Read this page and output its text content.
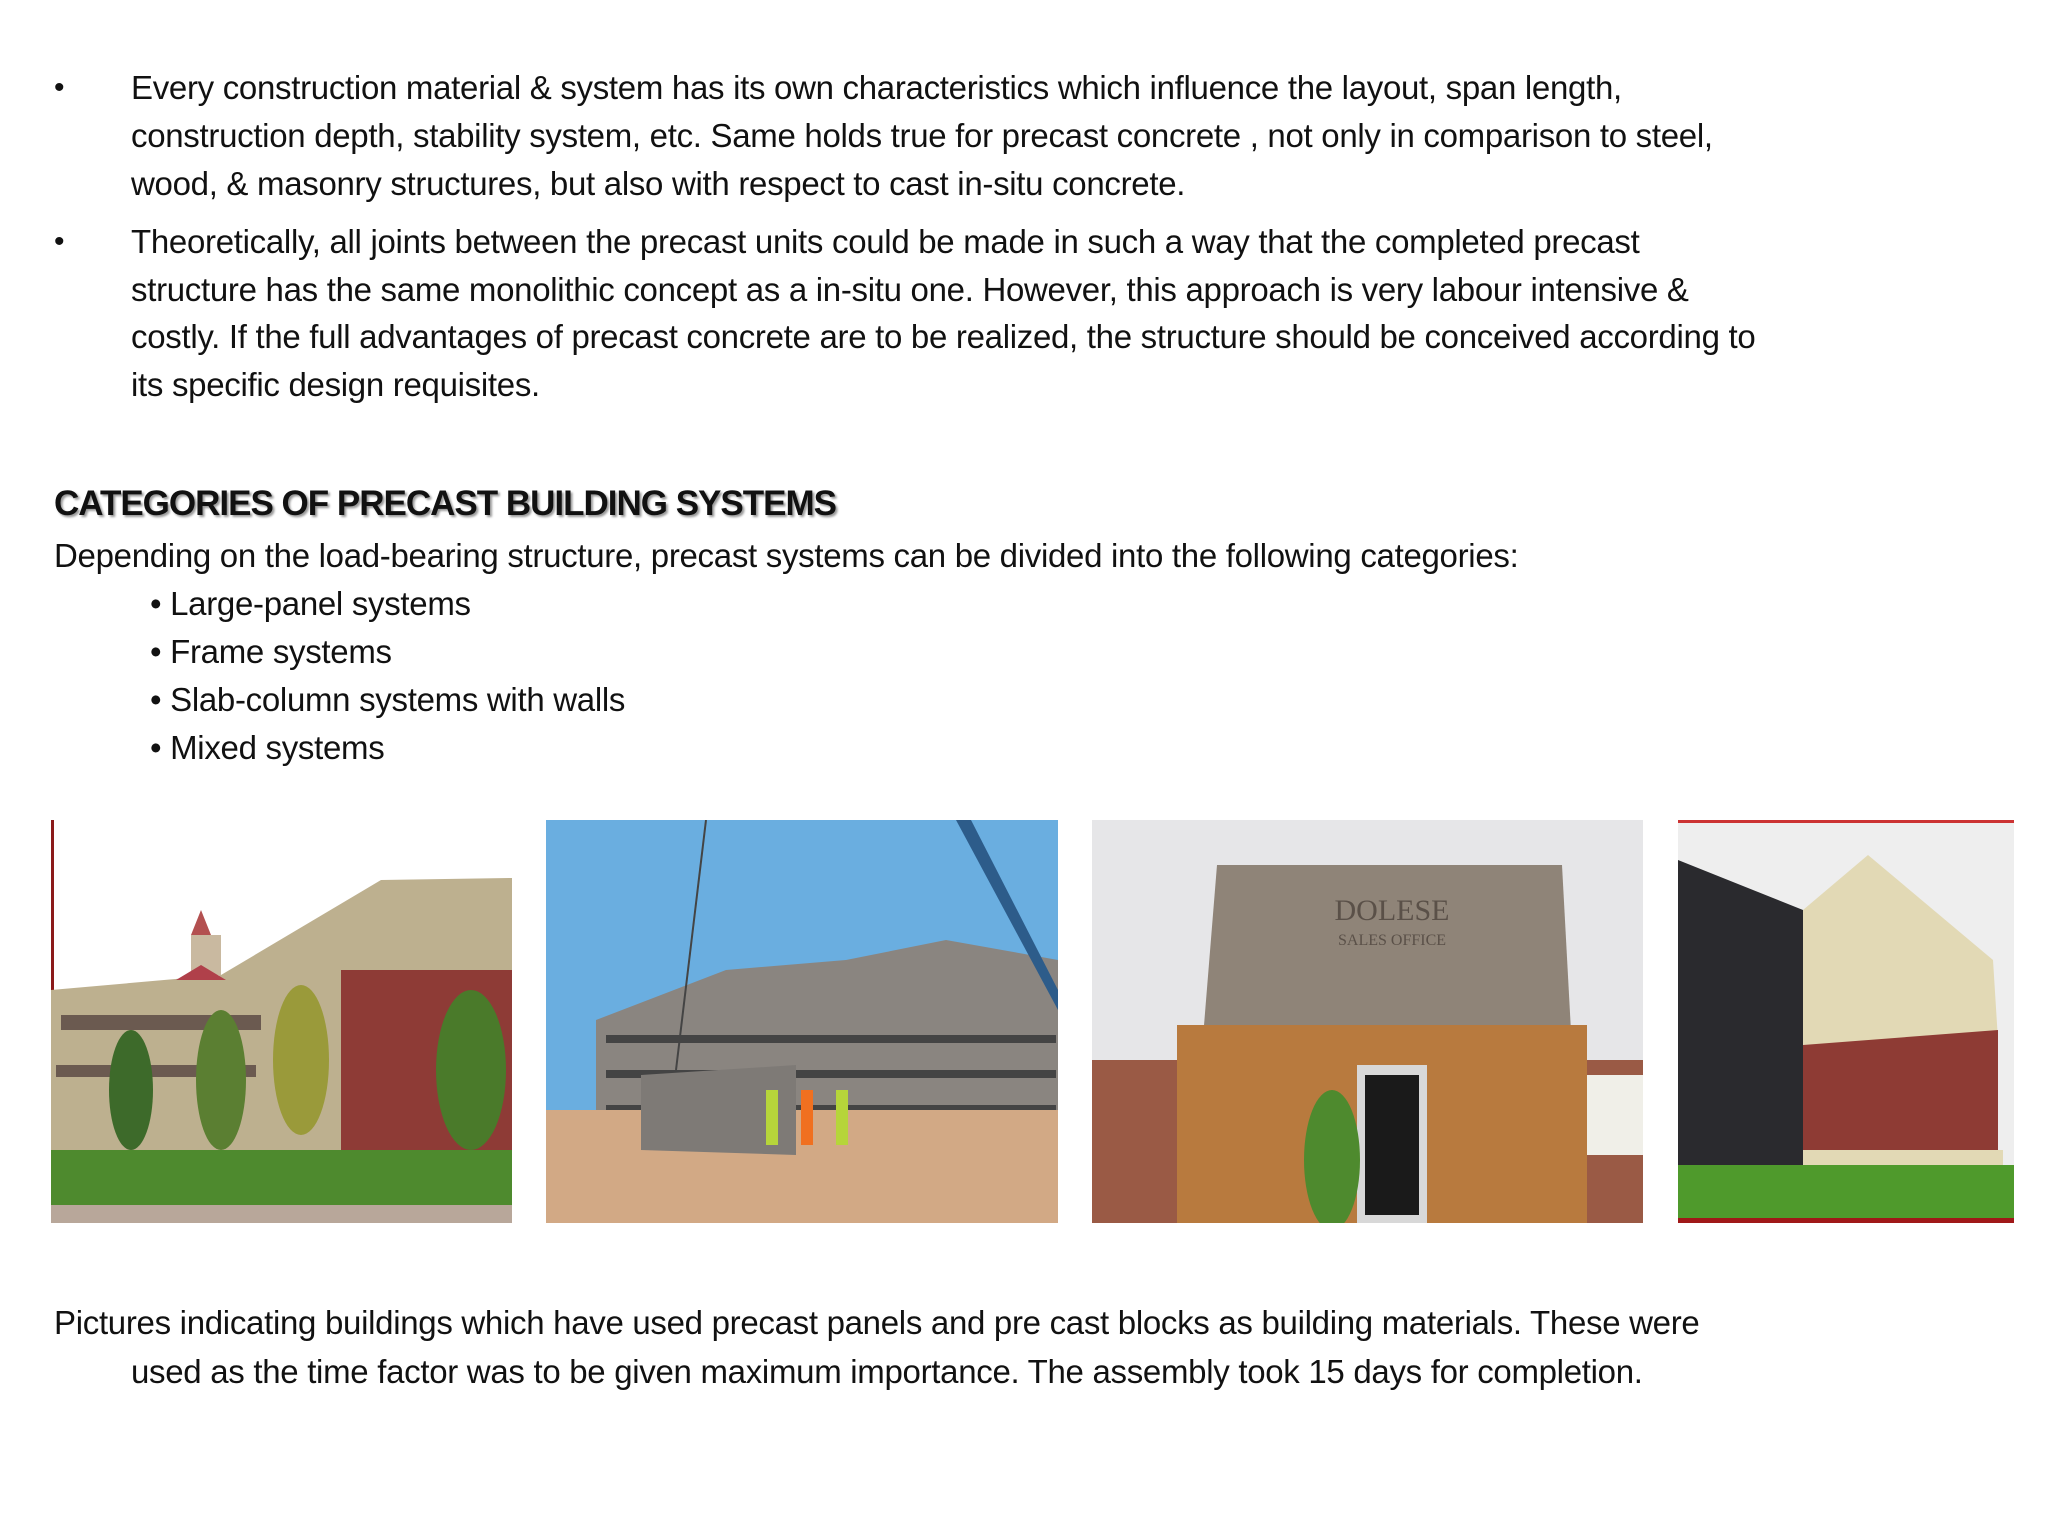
• Every construction material & system has its own characteristics which influence the layout, span length,
construction depth, stability system, etc. Same holds true for precast concrete , not only in comparison to steel,
wood, & masonry structures, but also with respect to cast in-situ concrete.
• Theoretically, all joints between the precast units could be made in such a way that the completed precast
structure has the same monolithic concept as a in-situ one. However, this approach is very labour intensive &
costly. If the full advantages of precast concrete are to be realized, the structure should be conceived according to
its specific design requisites.
CATEGORIES OF PRECAST BUILDING SYSTEMS
Depending on the load-bearing structure, precast systems can be divided into the following categories:
• Large-panel systems
• Frame systems
• Slab-column systems with walls
• Mixed systems
DOLESE
SALES OFFICE
Pictures indicating buildings which have used precast panels and pre cast blocks as building materials. These were
used as the time factor was to be given maximum importance. The assembly took 15 days for completion.
